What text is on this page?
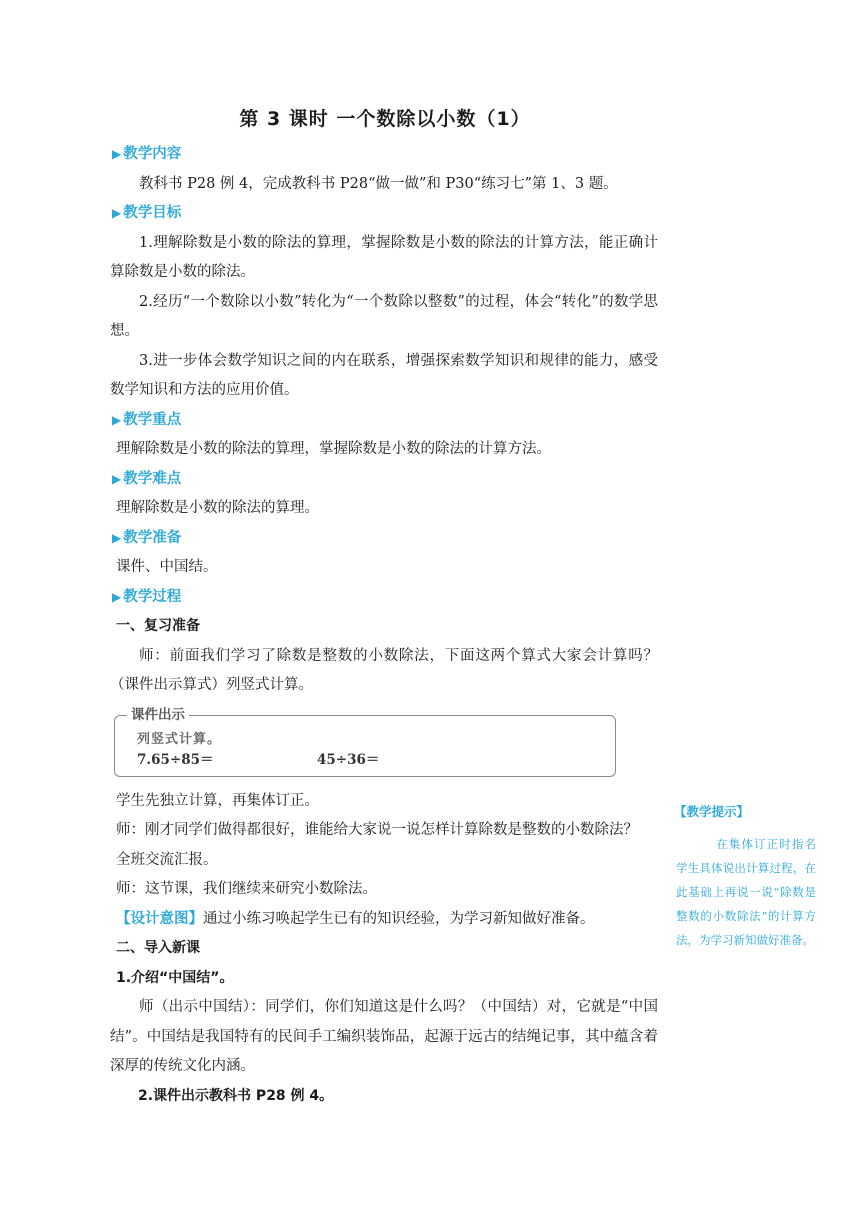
第 3 课时 一个数除以小数（1）
▶ 教学内容
教科书 P28 例 4，完成教科书 P28“做一做”和 P30“练习七”第 1、3 题。
▶ 教学目标
1.理解除数是小数的除法的算理，掌握除数是小数的除法的计算方法，能正确计算除数是小数的除法。
2.经历“一个数除以小数”转化为“一个数除以整数”的过程，体会“转化”的数学思想。
3.进一步体会数学知识之间的内在联系，增强探索数学知识和规律的能力，感受数学知识和方法的应用价值。
▶ 教学重点
理解除数是小数的除法的算理，掌握除数是小数的除法的计算方法。
▶ 教学难点
理解除数是小数的除法的算理。
▶ 教学准备
课件、中国结。
▶ 教学过程
一、复习准备
师：前面我们学习了除数是整数的小数除法，下面这两个算式大家会计算吗？（课件出示算式）列竖式计算。
课件出示
列竖式计算。
7.65÷85＝	45÷36＝
学生先独立计算，再集体订正。
师：刚才同学们做得都很好，谁能给大家说一说怎样计算除数是整数的小数除法？
全班交流汇报。
师：这节课，我们继续来研究小数除法。
【设计意图】通过小练习唤起学生已有的知识经验，为学习新知做好准备。
二、导入新课
1.介绍“中国结”。
师（出示中国结）：同学们，你们知道这是什么吗？（中国结）对，它就是“中国结”。中国结是我国特有的民间手工编织装饰品，起源于远古的结绳记事，其中蕴含着深厚的传统文化内涵。
2.课件出示教科书 P28 例 4。
【教学提示】
在集体订正时指名学生具体说出计算过程，在此基础上再说一说“除数是整数的小数除法”的计算方法，为学习新知做好准备。
